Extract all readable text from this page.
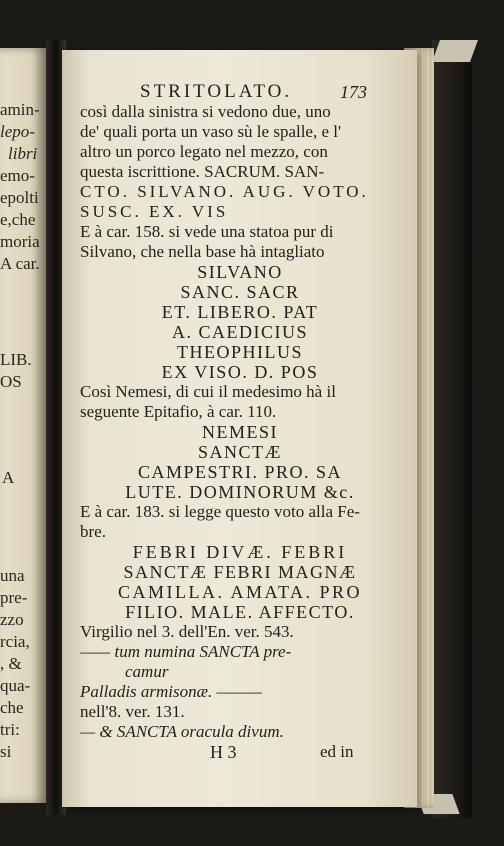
amin-
lepo-
libri
emo-
epolti
e,che
moria
A car.
LIB.
OS
A
una
pre-
zzo
rcia,
, &
qua-
che
tri:
si
STRITOLATO.	173
così dalla sinistra si vedono due, uno
de' quali porta un vaso sù le spalle, e l'
altro un porco legato nel mezzo, con
questa iscrittione. SACRUM. SAN-
CTO. SILVANO. AUG. VOTO.
SUSC. EX. VIS
E à car. 158. si vede una statoa pur di
Silvano, che nella base hà intagliato
SILVANO
SANC. SACR
ET. LIBERO. PAT
A. CAEDICIUS
THEOPHILUS
EX VISO. D. POS
Così Nemesi, di cui il medesimo hà il
seguente Epitafio, à car. 110.
NEMESI
SANCTÆ
CAMPESTRI. PRO. SA
LUTE. DOMINORUM &c.
E à car. 183. si legge questo voto alla Fe-
bre.
FEBRI DIVÆ. FEBRI
SANCTÆ FEBRI MAGNÆ
CAMILLA. AMATA. PRO
FILIO. MALE. AFFECTO.
Virgilio nel 3. dell'En. ver. 543.
—— tum numina SANCTA pre-
camur
Palladis armisonæ. ———
nell'8. ver. 131.
— & SANCTA oracula divum.
H 3	ed in
